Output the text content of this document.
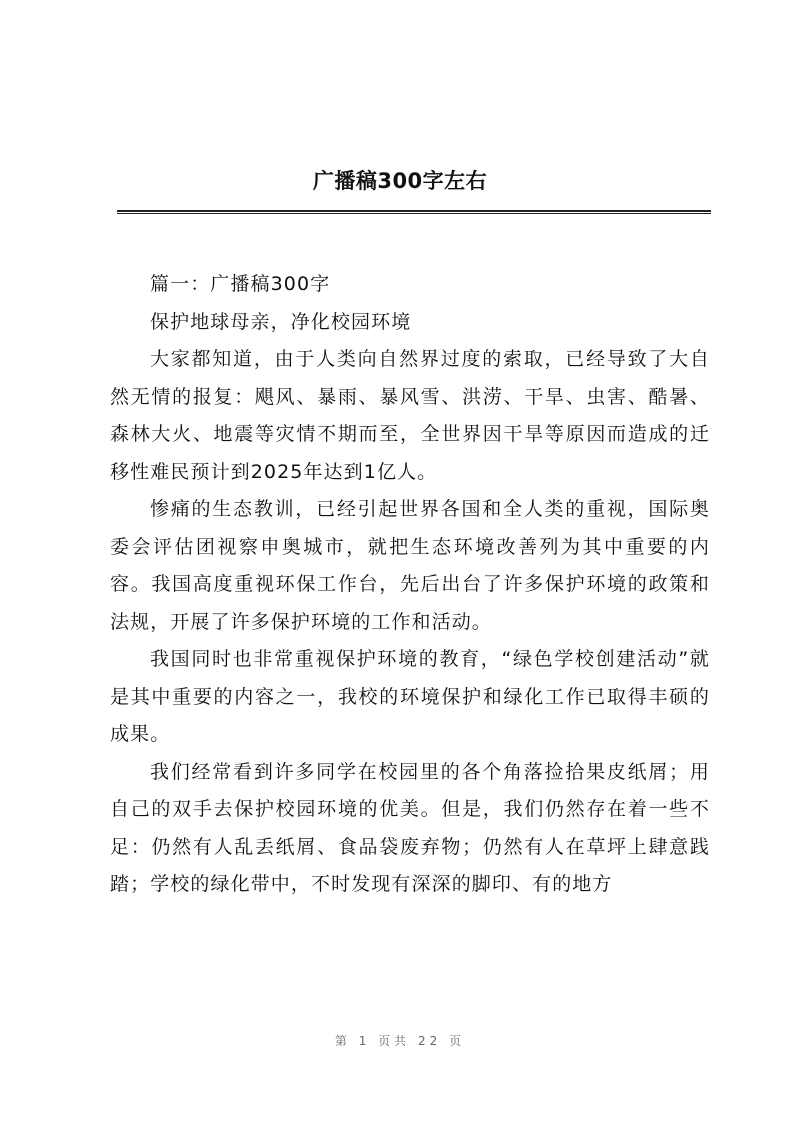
广播稿300字左右

篇一：广播稿300字

保护地球母亲，净化校园环境

大家都知道，由于人类向自然界过度的索取，已经导致了大自然无情的报复：飓风、暴雨、暴风雪、洪涝、干旱、虫害、酷暑、森林大火、地震等灾情不期而至，全世界因干旱等原因而造成的迁移性难民预计到2025年达到1亿人。

惨痛的生态教训，已经引起世界各国和全人类的重视，国际奥委会评估团视察申奥城市，就把生态环境改善列为其中重要的内容。我国高度重视环保工作台，先后出台了许多保护环境的政策和法规，开展了许多保护环境的工作和活动。

我国同时也非常重视保护环境的教育，“绿色学校创建活动”就是其中重要的内容之一，我校的环境保护和绿化工作已取得丰硕的成果。

我们经常看到许多同学在校园里的各个角落捡拾果皮纸屑；用自己的双手去保护校园环境的优美。但是，我们仍然存在着一些不足：仍然有人乱丢纸屑、食品袋废弃物；仍然有人在草坪上肆意践踏；学校的绿化带中，不时发现有深深的脚印、有的地方

第 1 页共 22 页
